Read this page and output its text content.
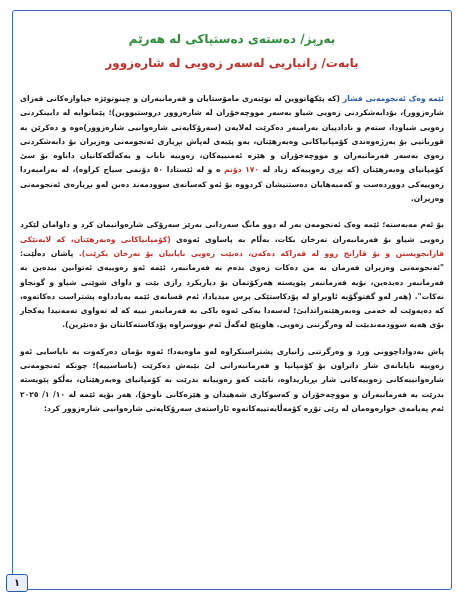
بەرپز/ دەستەی دەستپاکی لە هەرێم
بابەت/ زانیاریی لەسەر زەویی لە شارەزوور

ئێمە وەک ئەنجومەنی فشار (کە پێکهاتووین لە نوێنەری مامۆستایان و فەرمانبەران و چینوتوێژە جیاوازەکانی قەزای شارەزوور)، بۆدابەشکردنی زەویی شیاو بەسەر مووچەخۆران لە شارەزوور دروستبووین)؛ پێمانوایە لە دابینکردنی زەویی شیاودا، ستەم و نادادپیان بەرامبەر دەکرێت لەلایەن (سەرۆکایەتی شارەوانیی شارەزوور)ەوە و دەکرێن بە قوربانیی بۆ بەرژەوەندی کۆمپانیاکانی وەبەرهێنان، بەو پێیەی لەپاش بڕیاری ئەنجومەنی وەزیران بۆ دابەشکردنی زەوی بەسەر فەرمانبەران و مووچەخۆران و هێزە ئەمنییەکان، زەوییە ناباب و بەکەڵکەکانیان داناوە بۆ سێ کۆمپانیای وەبەرهێنان (کە بڕی زەوییەکە زیاد لە ١٧٠ دۆنم ە و لە ئێستادا ٥٠ دۆنمی سیاج کراوە)، لە بەرامبەردا زەوییەکی دووردەست و کەمبەهایان دەستنیشان کردووە بۆ ئەو کەسانەی سوودمەند دەبن لەو بڕیارەی ئەنجومەنی وەزیران.

بۆ ئەم مەبەستە؛ ئێمە وەک ئەنجومەن بەر لە دوو مانگ سەردانی بەرێز سەرۆکی شارەوانیمان کرد و داوامان لێکرد زەویی شیاو بۆ فەرمانبەران تەرخان بکات، بەڵام بە پاساوی ئەوەی (کۆمپانیاکانی وەبەرهێنان، کە لایەنێکی قازانجویستن و بۆ قازانج روو لە قەزاکە دەکەن، دەبێت زەویی نایابیان بۆ تەرخان بکرێت). پاشان دەڵێت: "ئەنجومەنی وەزیران فەرمان بە من دەکات زەوی بدەم بە فەرمانبەر، ئێمە ئەو زەوییەی ئەتوانین بیدەین بە فەرمانبەر دەیدەین، بۆیە فەرمانبەر پێویستە هەرکۆتمان بۆ دیاریکرد رازی بێت و داوای شوێنی شیاو و گونجاو نەکات". (هەر لەو گفتوگۆیە ئاوبراو لە پۆدکاستێکی پرس میدیادا، ئەم قسانەی ئێمە بەیادداوە پشتراست دەکاتەوە، کە دەیەوێت لە خەمی وەبەرهێنەراندابێ؛ لەسەدا یەکی ئەوە باکی بە فەرمانبەر نییە کە لە تەواوی تەمەنیدا یەکجار بۆی هەیە سوودمەندبێت لە وەرگرتنی زەویی. هاوپێچ لەگەڵ ئەم نووسراوە پۆدکاستەکانتان بۆ دەنێرین).

پاش بەدواداچوونی ورد و وەرگرتنی زانیاری پشتراستکراوە لەو ماوەیەدا؛ ئەوە بۆمان دەرکەوت بە نایاسایی ئەو زەوییە نایابانەی شار داتراون بۆ کۆمپانیا و فەرمانبەرانی لێ بێبەش دەکرێت (ناساسییە)؛ چونکە ئەنجومەنی شارەوانییەکانی زەوییەکانی شار بڕیاریداوە، نابێت کەو زەوییانە بدرێت بە کۆمپانیای وەبەرهێنان، بەڵکو پێویستە بدرێت بە فەرمانبەران و مووچەخۆران و کەسوکاری شەهیدان و هێزەکانی ناوخۆ). هەر بۆیە ئێمە لە ١٠/ ١/ ٢٠٢٥ ئەم پەیامەی خوارەوەمان لە رێی تۆڕە کۆمەڵایەتییەکانەوە ئاراستەی سەرۆکایەتی شارەوانیی شارەزوور کرد:

١
